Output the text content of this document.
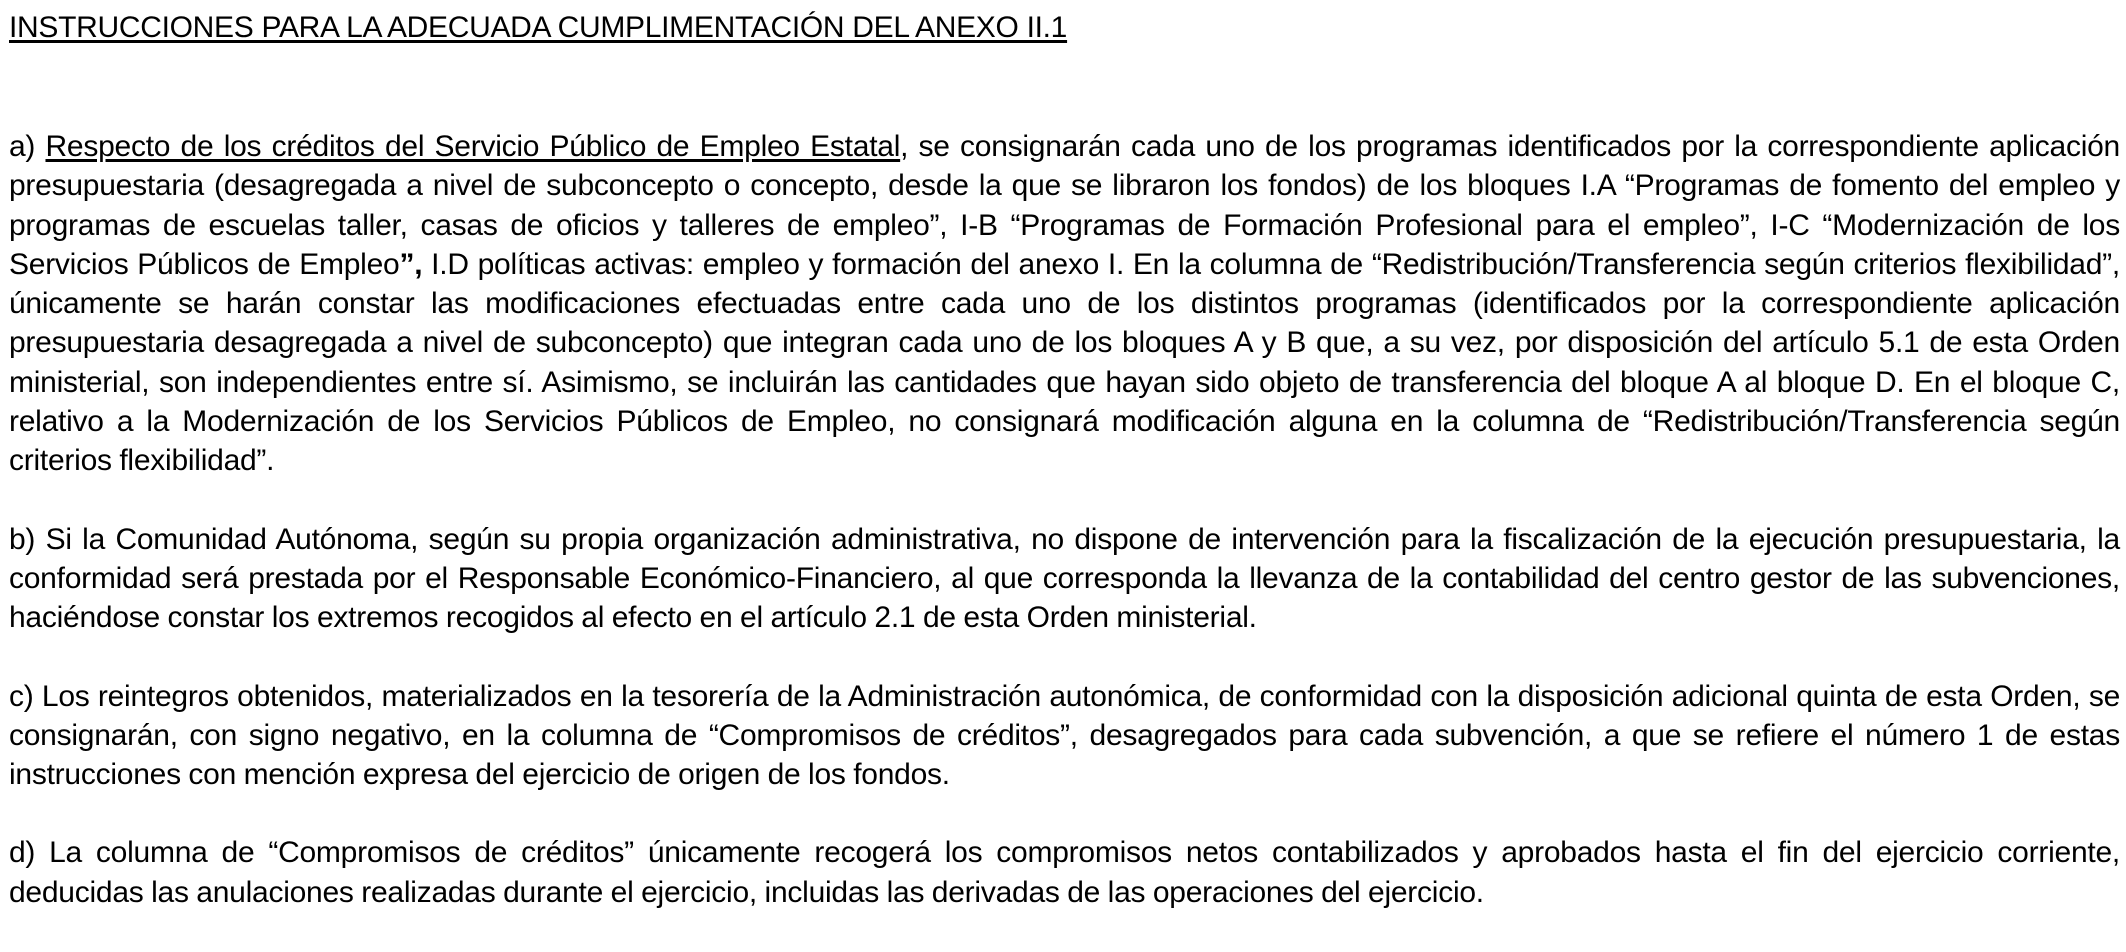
INSTRUCCIONES PARA LA ADECUADA CUMPLIMENTACIÓN DEL ANEXO II.1

a) Respecto de los créditos del Servicio Público de Empleo Estatal, se consignarán cada uno de los programas identificados por la correspondiente aplicación presupuestaria (desagregada a nivel de subconcepto o concepto, desde la que se libraron los fondos) de los bloques I.A “Programas de fomento del empleo y programas de escuelas taller, casas de oficios y talleres de empleo”, I-B “Programas de Formación Profesional para el empleo”, I-C “Modernización de los Servicios Públicos de Empleo”, I.D políticas activas: empleo y formación del anexo I. En la columna de “Redistribución/Transferencia según criterios flexibilidad”, únicamente se harán constar las modificaciones efectuadas entre cada uno de los distintos programas (identificados por la correspondiente aplicación presupuestaria desagregada a nivel de subconcepto) que integran cada uno de los bloques A y B que, a su vez, por disposición del artículo 5.1 de esta Orden ministerial, son independientes entre sí. Asimismo, se incluirán las cantidades que hayan sido objeto de transferencia del bloque A al bloque D. En el bloque C, relativo a la Modernización de los Servicios Públicos de Empleo, no consignará modificación alguna en la columna de “Redistribución/Transferencia según criterios flexibilidad”.

b) Si la Comunidad Autónoma, según su propia organización administrativa, no dispone de intervención para la fiscalización de la ejecución presupuestaria, la conformidad será prestada por el Responsable Económico-Financiero, al que corresponda la llevanza de la contabilidad del centro gestor de las subvenciones, haciéndose constar los extremos recogidos al efecto en el artículo 2.1 de esta Orden ministerial.

c) Los reintegros obtenidos, materializados en la tesorería de la Administración autonómica, de conformidad con la disposición adicional quinta de esta Orden, se consignarán, con signo negativo, en la columna de “Compromisos de créditos”, desagregados para cada subvención, a que se refiere el número 1 de estas instrucciones con mención expresa del ejercicio de origen de los fondos.

d) La columna de “Compromisos de créditos” únicamente recogerá los compromisos netos contabilizados y aprobados hasta el fin del ejercicio corriente, deducidas las anulaciones realizadas durante el ejercicio, incluidas las derivadas de las operaciones del ejercicio.
